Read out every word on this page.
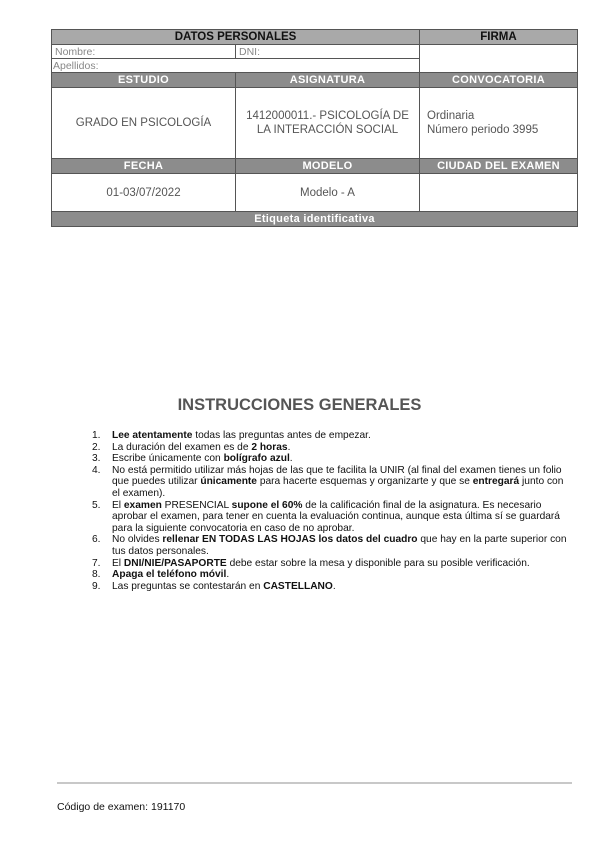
DATOS PERSONALES		FIRMA
Nombre:	DNI:	
Apellidos:		
ESTUDIO	ASIGNATURA	CONVOCATORIA
GRADO EN PSICOLOGÍA	1412000011.- PSICOLOGÍA DE LA INTERACCIÓN SOCIAL	Ordinaria
Número periodo 3995

FECHA	MODELO	CIUDAD DEL EXAMEN
01-03/07/2022	Modelo - A	
Etiqueta identificativa		
INSTRUCCIONES GENERALES
1. Lee atentamente todas las preguntas antes de empezar.
2. La duración del examen es de 2 horas.
3. Escribe únicamente con bolígrafo azul.
4. No está permitido utilizar más hojas de las que te facilita la UNIR (al final del examen tienes un folio que puedes utilizar únicamente para hacerte esquemas y organizarte y que se entregará junto con el examen).
5. El examen PRESENCIAL supone el 60% de la calificación final de la asignatura. Es necesario aprobar el examen, para tener en cuenta la evaluación continua, aunque esta última sí se guardará para la siguiente convocatoria en caso de no aprobar.
6. No olvides rellenar EN TODAS LAS HOJAS los datos del cuadro que hay en la parte superior con tus datos personales.
7. El DNI/NIE/PASAPORTE debe estar sobre la mesa y disponible para su posible verificación.
8. Apaga el teléfono móvil.
9. Las preguntas se contestarán en CASTELLANO.
Código de examen: 191170
